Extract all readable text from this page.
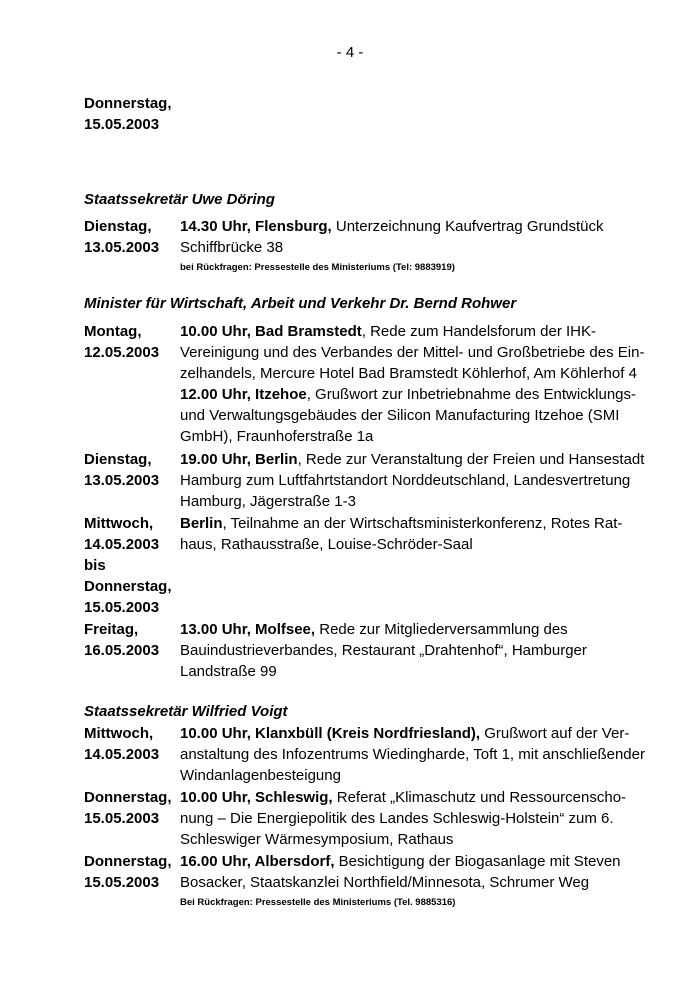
- 4 -
Donnerstag,
15.05.2003
Staatssekretär Uwe Döring
Dienstag,
13.05.2003
14.30 Uhr, Flensburg, Unterzeichnung Kaufvertrag Grundstück
Schiffbrücke 38
bei Rückfragen: Pressestelle des Ministeriums (Tel: 9883919)
Minister für Wirtschaft, Arbeit und Verkehr Dr. Bernd Rohwer
Montag,
12.05.2003
10.00 Uhr, Bad Bramstedt, Rede zum Handelsforum der IHK-
Vereinigung und des Verbandes der Mittel- und Großbetriebe des Ein-
zelhandels, Mercure Hotel Bad Bramstedt Köhlerhof, Am Köhlerhof 4
12.00 Uhr, Itzehoe, Grußwort zur Inbetriebnahme des Entwicklungs-
und Verwaltungsgebäudes der Silicon Manufacturing Itzehoe (SMI
GmbH), Fraunhoferstraße 1a
Dienstag,
13.05.2003
19.00 Uhr, Berlin, Rede zur Veranstaltung der Freien und Hansestadt
Hamburg zum Luftfahrtstandort Norddeutschland, Landesvertretung
Hamburg, Jägerstraße 1-3
Mittwoch,
14.05.2003
bis
Donnerstag,
15.05.2003
Berlin, Teilnahme an der Wirtschaftsministerkonferenz, Rotes Rat-
haus, Rathausstraße, Louise-Schröder-Saal
Freitag,
16.05.2003
13.00 Uhr, Molfsee, Rede zur Mitgliederversammlung des
Bauindustrieverbandes, Restaurant „Drahtenhof“, Hamburger
Landstraße 99
Staatssekretär Wilfried Voigt
Mittwoch,
14.05.2003
10.00 Uhr, Klanxbüll (Kreis Nordfriesland), Grußwort auf der Ver-
anstaltung des Infozentrums Wiedingharde, Toft 1, mit anschließender
Windanlagenbesteigung
Donnerstag,
15.05.2003
10.00 Uhr, Schleswig, Referat „Klimaschutz und Ressourcenscho-
nung – Die Energiepolitik des Landes Schleswig-Holstein“ zum 6.
Schleswiger Wärmesymposium, Rathaus
Donnerstag,
15.05.2003
16.00 Uhr, Albersdorf, Besichtigung der Biogasanlage mit Steven
Bosacker, Staatskanzlei Northfield/Minnesota, Schrumer Weg
Bei Rückfragen: Pressestelle des Ministeriums (Tel. 9885316)
